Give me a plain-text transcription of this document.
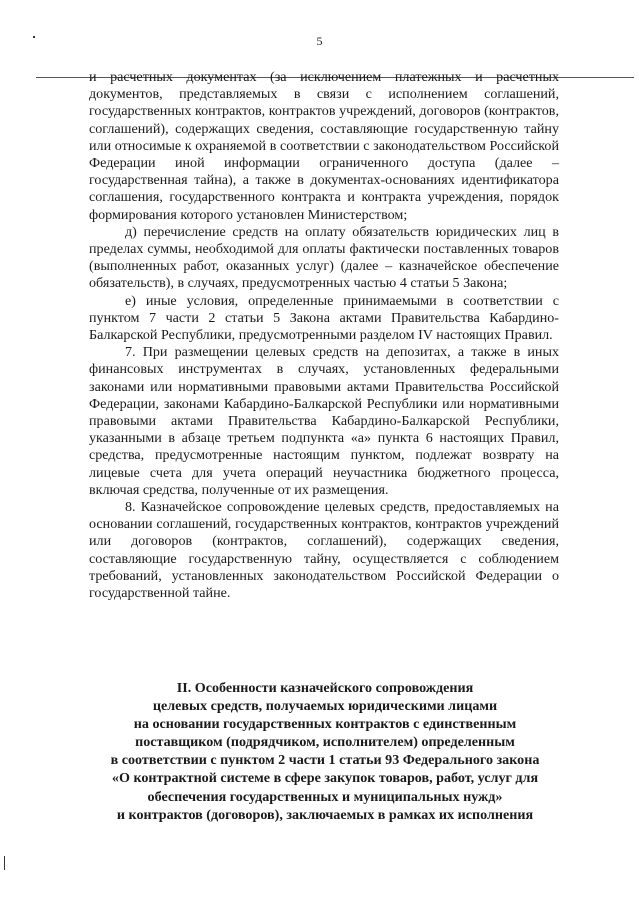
5

и расчетных документах (за исключением платежных и расчетных документов, представляемых в связи с исполнением соглашений, государственных контрактов, контрактов учреждений, договоров (контрактов, соглашений), содержащих сведения, составляющие государственную тайну или относимые к охраняемой в соответствии с законодательством Российской Федерации иной информации ограниченного доступа (далее – государственная тайна), а также в документах-основаниях идентификатора соглашения, государственного контракта и контракта учреждения, порядок формирования которого установлен Министерством;

д) перечисление средств на оплату обязательств юридических лиц в пределах суммы, необходимой для оплаты фактически поставленных товаров (выполненных работ, оказанных услуг) (далее – казначейское обеспечение обязательств), в случаях, предусмотренных частью 4 статьи 5 Закона;

е) иные условия, определенные принимаемыми в соответствии с пунктом 7 части 2 статьи 5 Закона актами Правительства Кабардино-Балкарской Республики, предусмотренными разделом IV настоящих Правил.

7. При размещении целевых средств на депозитах, а также в иных финансовых инструментах в случаях, установленных федеральными законами или нормативными правовыми актами Правительства Российской Федерации, законами Кабардино-Балкарской Республики или нормативными правовыми актами Правительства Кабардино-Балкарской Республики, указанными в абзаце третьем подпункта «а» пункта 6 настоящих Правил, средства, предусмотренные настоящим пунктом, подлежат возврату на лицевые счета для учета операций неучастника бюджетного процесса, включая средства, полученные от их размещения.

8. Казначейское сопровождение целевых средств, предоставляемых на основании соглашений, государственных контрактов, контрактов учреждений или договоров (контрактов, соглашений), содержащих сведения, составляющие государственную тайну, осуществляется с соблюдением требований, установленных законодательством Российской Федерации о государственной тайне.

II. Особенности казначейского сопровождения
целевых средств, получаемых юридическими лицами
на основании государственных контрактов с единственным
поставщиком (подрядчиком, исполнителем) определенным
в соответствии с пунктом 2 части 1 статьи 93 Федерального закона
«О контрактной системе в сфере закупок товаров, работ, услуг для
обеспечения государственных и муниципальных нужд»
и контрактов (договоров), заключаемых в рамках их исполнения
